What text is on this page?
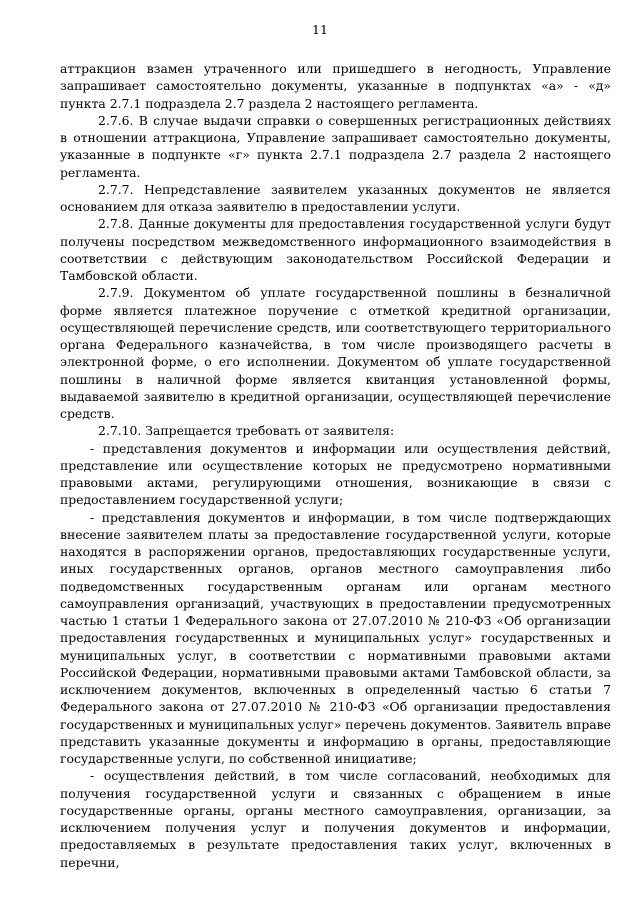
11

аттракцион взамен утраченного или пришедшего в негодность, Управление запрашивает самостоятельно документы, указанные в подпунктах «а» - «д» пункта 2.7.1 подраздела 2.7 раздела 2 настоящего регламента.

2.7.6. В случае выдачи справки о совершенных регистрационных действиях в отношении аттракциона, Управление запрашивает самостоятельно документы, указанные в подпункте «г» пункта 2.7.1 подраздела 2.7 раздела 2 настоящего регламента.

2.7.7. Непредставление заявителем указанных документов не является основанием для отказа заявителю в предоставлении услуги.

2.7.8. Данные документы для предоставления государственной услуги будут получены посредством межведомственного информационного взаимодействия в соответствии с действующим законодательством Российской Федерации и Тамбовской области.

2.7.9. Документом об уплате государственной пошлины в безналичной форме является платежное поручение с отметкой кредитной организации, осуществляющей перечисление средств, или соответствующего территориального органа Федерального казначейства, в том числе производящего расчеты в электронной форме, о его исполнении. Документом об уплате государственной пошлины в наличной форме является квитанция установленной формы, выдаваемой заявителю в кредитной организации, осуществляющей перечисление средств.

2.7.10. Запрещается требовать от заявителя:

- представления документов и информации или осуществления действий, представление или осуществление которых не предусмотрено нормативными правовыми актами, регулирующими отношения, возникающие в связи с предоставлением государственной услуги;

- представления документов и информации, в том числе подтверждающих внесение заявителем платы за предоставление государственной услуги, которые находятся в распоряжении органов, предоставляющих государственные услуги, иных государственных органов, органов местного самоуправления либо подведомственных государственным органам или органам местного самоуправления организаций, участвующих в предоставлении предусмотренных частью 1 статьи 1 Федерального закона от 27.07.2010 № 210-ФЗ «Об организации предоставления государственных и муниципальных услуг» государственных и муниципальных услуг, в соответствии с нормативными правовыми актами Российской Федерации, нормативными правовыми актами Тамбовской области, за исключением документов, включенных в определенный частью 6 статьи 7 Федерального закона от 27.07.2010 № 210-ФЗ «Об организации предоставления государственных и муниципальных услуг» перечень документов. Заявитель вправе представить указанные документы и информацию в органы, предоставляющие государственные услуги, по собственной инициативе;

- осуществления действий, в том числе согласований, необходимых для получения государственной услуги и связанных с обращением в иные государственные органы, органы местного самоуправления, организации, за исключением получения услуг и получения документов и информации, предоставляемых в результате предоставления таких услуг, включенных в перечни,
